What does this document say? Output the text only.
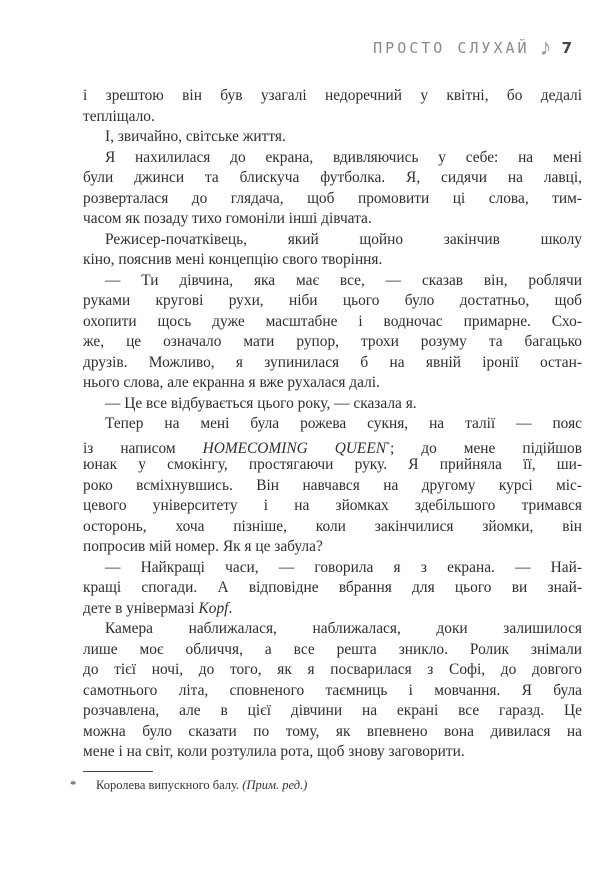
ПРОСТО СЛУХАЙ ♪ 7
і зрештою він був узагалі недоречний у квітні, бо дедалі
тепліщало.
І, звичайно, світське життя.
Я нахилилася до екрана, вдивляючись у себе: на мені
були джинси та блискуча футболка. Я, сидячи на лавці,
розверталася до глядача, щоб промовити ці слова, тим-
часом як позаду тихо гомоніли інші дівчата.
Режисер-початківець, який щойно закінчив школу
кіно, пояснив мені концепцію свого творіння.
— Ти дівчина, яка має все, — сказав він, роблячи
руками кругові рухи, ніби цього було достатньо, щоб
охопити щось дуже масштабне і водночас примарне. Схо-
же, це означало мати рупор, трохи розуму та багацько
друзів. Можливо, я зупинилася б на явній іронії остан-
нього слова, але екранна я вже рухалася далі.
— Це все відбувається цього року, — сказала я.
Тепер на мені була рожева сукня, на талії — пояс
із написом HOMECOMING QUEEN*; до мене підійшов
юнак у смокінгу, простягаючи руку. Я прийняла її, ши-
роко всміхнувшись. Він навчався на другому курсі міс-
цевого університету і на зйомках здебільшого тримався
осторонь, хоча пізніше, коли закінчилися зйомки, він
попросив мій номер. Як я це забула?
— Найкращі часи, — говорила я з екрана. — Най-
кращі спогади. А відповідне вбрання для цього ви знай-
дете в універмазі Kopf.
Камера наближалася, наближалася, доки залишилося
лише моє обличчя, а все решта зникло. Ролик знімали
до тієї ночі, до того, як я посварилася з Софі, до довгого
самотнього літа, сповненого таємниць і мовчання. Я була
розчавлена, але в цієї дівчини на екрані все гаразд. Це
можна було сказати по тому, як впевнено вона дивилася на
мене і на світ, коли розтулила рота, щоб знову заговорити.
* Королева випускного балу. (Прим. ред.)
